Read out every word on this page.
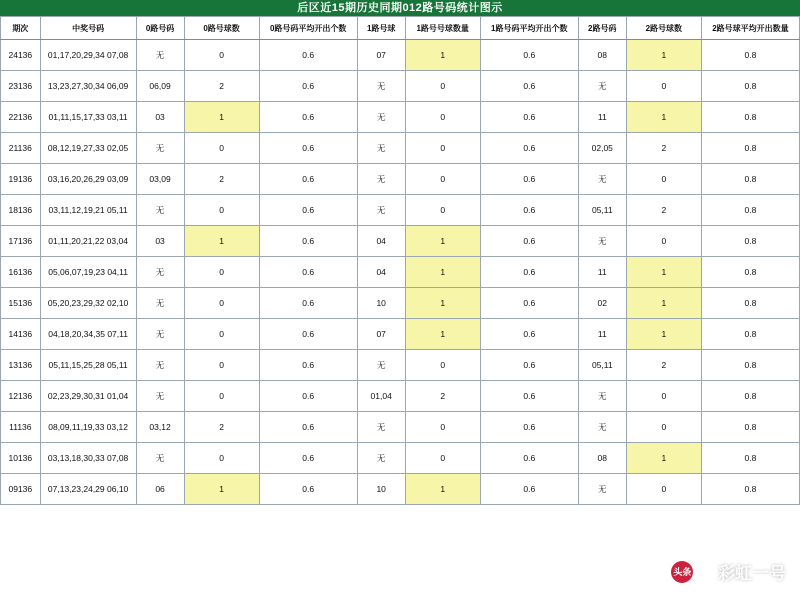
后区近15期历史同期012路号码统计图示
期次	中奖号码	0路号码	0路号球数	0路号码平均开出个数	1路号球	1路号号球数量	1路号码平均开出个数	2路号码	2路号球数	2路号球平均开出数量
24136	01,17,20,29,34 07,08	无	0	0.6	07	1	0.6	08	1	0.8
23136	13,23,27,30,34 06,09	06,09	2	0.6	无	0	0.6	无	0	0.8
22136	01,11,15,17,33 03,11	03	1	0.6	无	0	0.6	11	1	0.8
21136	08,12,19,27,33 02,05	无	0	0.6	无	0	0.6	02,05	2	0.8
19136	03,16,20,26,29 03,09	03,09	2	0.6	无	0	0.6	无	0	0.8
18136	03,11,12,19,21 05,11	无	0	0.6	无	0	0.6	05,11	2	0.8
17136	01,11,20,21,22 03,04	03	1	0.6	04	1	0.6	无	0	0.8
16136	05,06,07,19,23 04,11	无	0	0.6	04	1	0.6	11	1	0.8
15136	05,20,23,29,32 02,10	无	0	0.6	10	1	0.6	02	1	0.8
14136	04,18,20,34,35 07,11	无	0	0.6	07	1	0.6	11	1	0.8
13136	05,11,15,25,28 05,11	无	0	0.6	无	0	0.6	05,11	2	0.8
12136	02,23,29,30,31 01,04	无	0	0.6	01,04	2	0.6	无	0	0.8
11136	08,09,11,19,33 03,12	03,12	2	0.6	无	0	0.6	无	0	0.8
10136	03,13,18,30,33 07,08	无	0	0.6	无	0	0.6	08	1	0.8
09136	07,13,23,24,29 06,10	06	1	0.6	10	1	0.6	无	0	0.8
头条 @ 彩虹一号
